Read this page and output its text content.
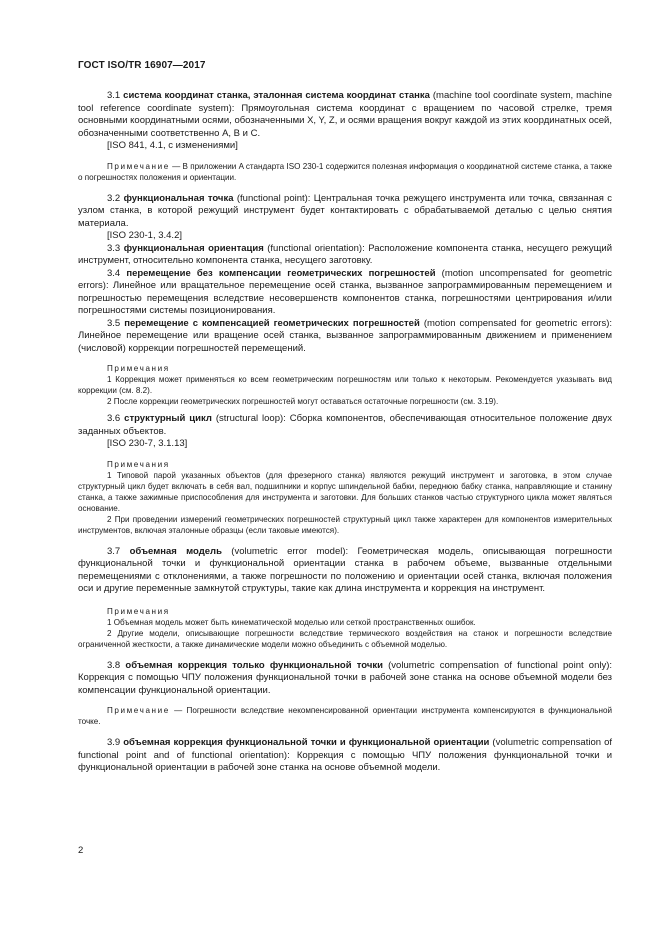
ГОСТ ISO/TR 16907—2017

3.1 система координат станка, эталонная система координат станка (machine tool coordinate system, machine tool reference coordinate system): Прямоугольная система координат с вращением по часовой стрелке, тремя основными координатными осями, обозначенными X, Y, Z, и осями вращения вокруг каждой из этих координатных осей, обозначенными соответственно A, B и C.

[ISO 841, 4.1, с изменениями]

Примечание — В приложении A стандарта ISO 230-1 содержится полезная информация о координатной системе станка, а также о погрешностях положения и ориентации.

3.2 функциональная точка (functional point): Центральная точка режущего инструмента или точка, связанная с узлом станка, в которой режущий инструмент будет контактировать с обрабатываемой деталью с целью снятия материала.

[ISO 230-1, 3.4.2]

3.3 функциональная ориентация (functional orientation): Расположение компонента станка, несущего режущий инструмент, относительно компонента станка, несущего заготовку.

3.4 перемещение без компенсации геометрических погрешностей (motion uncompensated for geometric errors): Линейное или вращательное перемещение осей станка, вызванное запрограммированным перемещением и погрешностью перемещения вследствие несовершенств компонентов станка, погрешностями центрирования и/или погрешностями системы позиционирования.

3.5 перемещение с компенсацией геометрических погрешностей (motion compensated for geometric errors): Линейное перемещение или вращение осей станка, вызванное запрограммированным движением и применением (числовой) коррекции погрешностей перемещений.

Примечания

1 Коррекция может применяться ко всем геометрическим погрешностям или только к некоторым. Рекомендуется указывать вид коррекции (см. 8.2).

2 После коррекции геометрических погрешностей могут оставаться остаточные погрешности (см. 3.19).

3.6 структурный цикл (structural loop): Сборка компонентов, обеспечивающая относительное положение двух заданных объектов.

[ISO 230-7, 3.1.13]

Примечания

1 Типовой парой указанных объектов (для фрезерного станка) являются режущий инструмент и заготовка, в этом случае структурный цикл будет включать в себя вал, подшипники и корпус шпиндельной бабки, переднюю бабку станка, направляющие и станину станка, а также зажимные приспособления для инструмента и заготовки. Для больших станков частью структурного цикла может являться основание.

2 При проведении измерений геометрических погрешностей структурный цикл также характерен для компонентов измерительных инструментов, включая эталонные образцы (если таковые имеются).

3.7 объемная модель (volumetric error model): Геометрическая модель, описывающая погрешности функциональной точки и функциональной ориентации станка в рабочем объеме, вызванные отдельными перемещениями с отклонениями, а также погрешности по положению и ориентации осей станка, включая положения оси и другие переменные замкнутой структуры, такие как длина инструмента и коррекция на инструмент.

Примечания

1 Объемная модель может быть кинематической моделью или сеткой пространственных ошибок.

2 Другие модели, описывающие погрешности вследствие термического воздействия на станок и погрешности вследствие ограниченной жесткости, а также динамические модели можно объединить с объемной моделью.

3.8 объемная коррекция только функциональной точки (volumetric compensation of functional point only): Коррекция с помощью ЧПУ положения функциональной точки в рабочей зоне станка на основе объемной модели без компенсации функциональной ориентации.

Примечание — Погрешности вследствие некомпенсированной ориентации инструмента компенсируются в функциональной точке.

3.9 объемная коррекция функциональной точки и функциональной ориентации (volumetric compensation of functional point and of functional orientation): Коррекция с помощью ЧПУ положения функциональной точки и функциональной ориентации в рабочей зоне станка на основе объемной модели.

2
